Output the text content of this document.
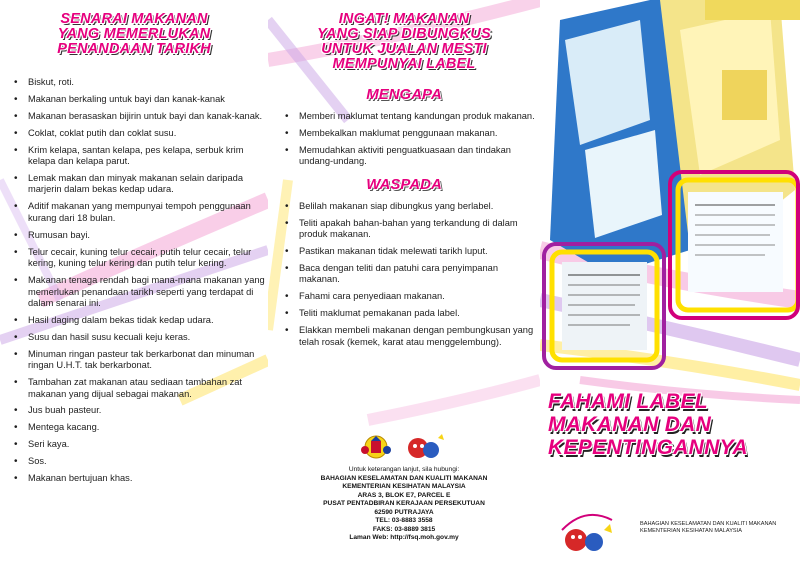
SENARAI MAKANAN
YANG MEMERLUKAN
PENANDAAN TARIKH
• Biskut, roti.
• Makanan berkaling untuk bayi dan kanak-kanak
• Makanan berasaskan bijirin untuk bayi dan kanak-kanak.
• Coklat, coklat putih dan coklat susu.
• Krim kelapa, santan kelapa, pes kelapa, serbuk krim kelapa dan kelapa parut.
• Lemak makan dan minyak makanan selain daripada marjerin dalam bekas kedap udara.
• Aditif makanan yang mempunyai tempoh penggunaan kurang dari 18 bulan.
• Rumusan bayi.
• Telur cecair, kuning telur cecair, putih telur cecair, telur kering, kuning telur kering dan putih telur kering.
• Makanan tenaga rendah bagi mana-mana makanan yang memerlukan penandaan tarikh seperti yang terdapat di dalam senarai ini.
• Hasil daging dalam bekas tidak kedap udara.
• Susu dan hasil susu kecuali keju keras.
• Minuman ringan pasteur tak berkarbonat dan minuman ringan U.H.T. tak berkarbonat.
• Tambahan zat makanan atau sediaan tambahan zat makanan yang dijual sebagai makanan.
• Jus buah pasteur.
• Mentega kacang.
• Seri kaya.
• Sos.
• Makanan bertujuan khas.
INGAT! MAKANAN
YANG SIAP DIBUNGKUS
UNTUK JUALAN MESTI
MEMPUNYAI LABEL
MENGAPA
• Memberi maklumat tentang kandungan produk makanan.
• Membekalkan maklumat penggunaan makanan.
• Memudahkan aktiviti penguatkuasaan dan tindakan undang-undang.
WASPADA
• Belilah makanan siap dibungkus yang berlabel.
• Teliti apakah bahan-bahan yang terkandung di dalam produk makanan.
• Pastikan makanan tidak melewati tarikh luput.
• Baca dengan teliti dan patuhi cara penyimpanan makanan.
• Fahami cara penyediaan makanan.
• Teliti maklumat pemakanan pada label.
• Elakkan membeli makanan dengan pembungkusan yang telah rosak (kemek, karat atau menggelembung).
Untuk keterangan lanjut, sila hubungi:
BAHAGIAN KESELAMATAN DAN KUALITI MAKANAN
KEMENTERIAN KESIHATAN MALAYSIA
ARAS 3, BLOK E7, PARCEL E
PUSAT PENTADBIRAN KERAJAAN PERSEKUTUAN
62590 PUTRAJAYA
TEL: 03-8883 3558
FAKS: 03-8889 3815
Laman Web: http://fsq.moh.gov.my
FAHAMI LABEL
MAKANAN DAN
KEPENTINGANNYA
BAHAGIAN KESELAMATAN DAN KUALITI MAKANAN
KEMENTERIAN KESIHATAN MALAYSIA
